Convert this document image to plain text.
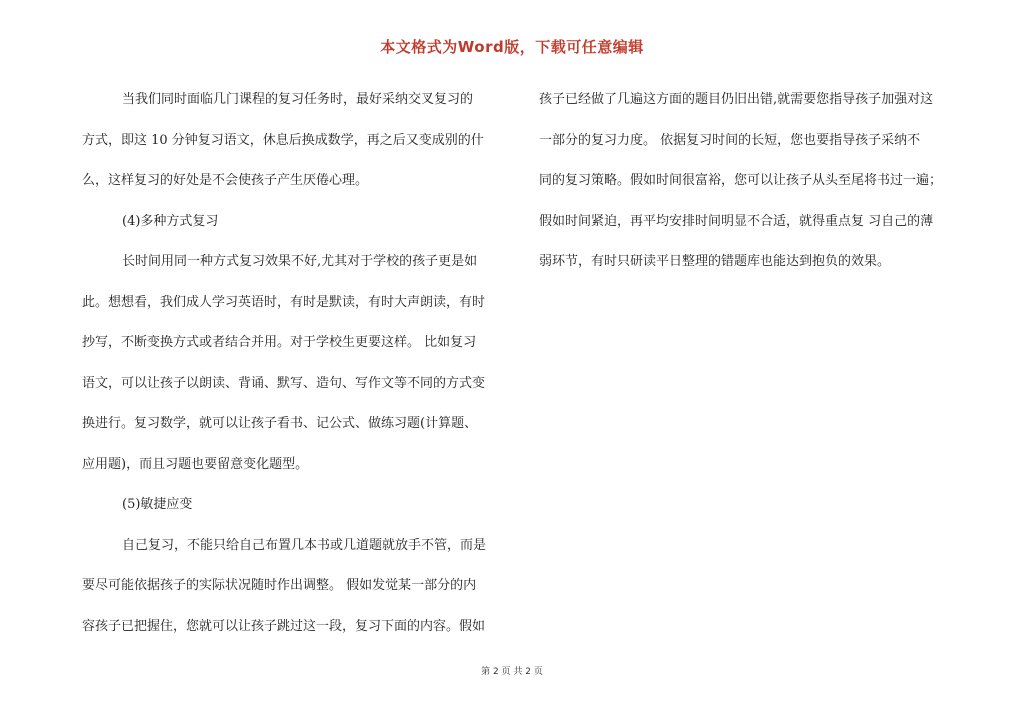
本文格式为Word版，下载可任意编辑
当我们同时面临几门课程的复习任务时，最好采纳交叉复习的
方式，即这 10 分钟复习语文，休息后换成数学，再之后又变成别的什
么，这样复习的好处是不会使孩子产生厌倦心理。
(4)多种方式复习
长时间用同一种方式复习效果不好,尤其对于学校的孩子更是如
此。想想看，我们成人学习英语时，有时是默读，有时大声朗读，有时
抄写，不断变换方式或者结合并用。对于学校生更要这样。 比如复习
语文，可以让孩子以朗读、背诵、默写、造句、写作文等不同的方式变
换进行。复习数学，就可以让孩子看书、记公式、做练习题(计算题、
应用题)，而且习题也要留意变化题型。
(5)敏捷应变
自己复习，不能只给自己布置几本书或几道题就放手不管，而是
要尽可能依据孩子的实际状况随时作出调整。 假如发觉某一部分的内
容孩子已把握住，您就可以让孩子跳过这一段，复习下面的内容。假如
孩子已经做了几遍这方面的题目仍旧出错,就需要您指导孩子加强对这
一部分的复习力度。 依据复习时间的长短，您也要指导孩子采纳不
同的复习策略。假如时间很富裕，您可以让孩子从头至尾将书过一遍；
假如时间紧迫，再平均安排时间明显不合适，就得重点复 习自己的薄
弱环节，有时只研读平日整理的错题库也能达到抱负的效果。
第 2 页 共 2 页
